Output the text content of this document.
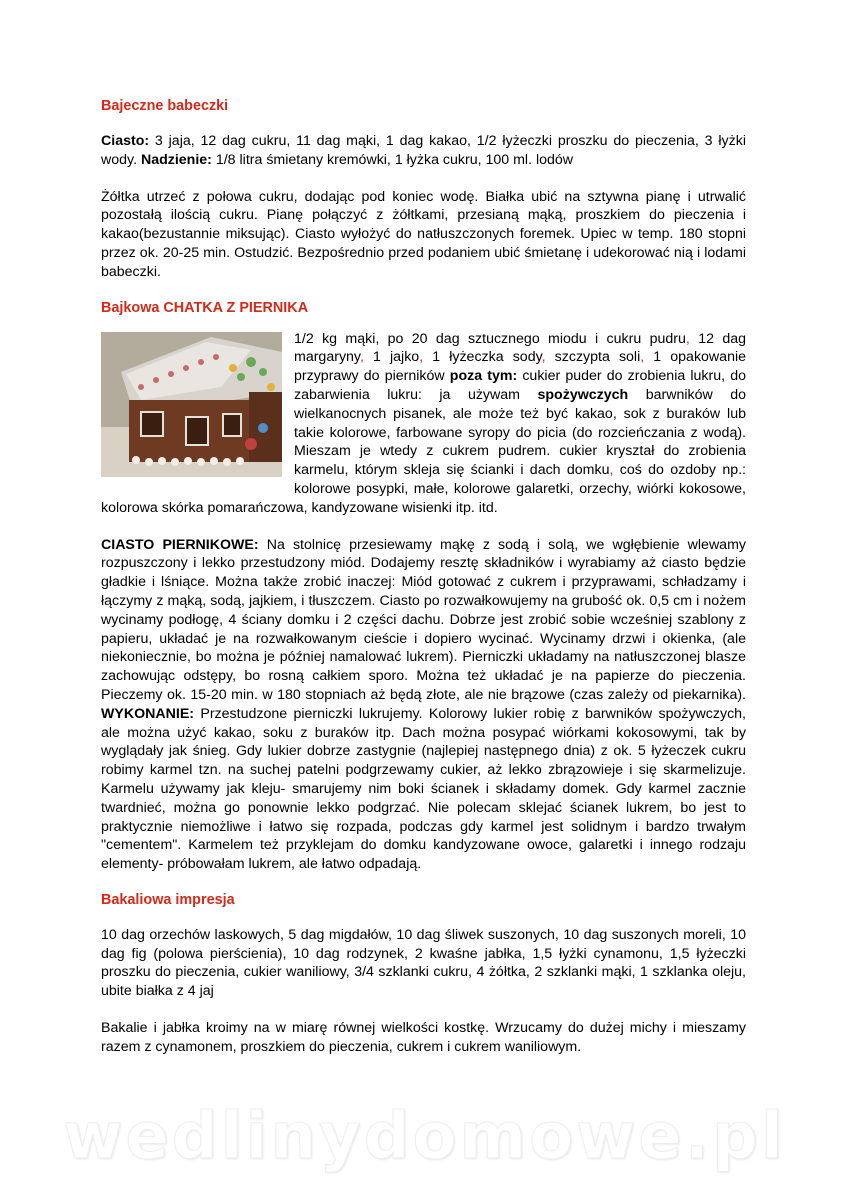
Bajeczne babeczki

Ciasto: 3 jaja, 12 dag cukru, 11 dag mąki, 1 dag kakao, 1/2 łyżeczki proszku do pieczenia, 3 łyżki wody. Nadzienie: 1/8 litra śmietany kremówki, 1 łyżka cukru, 100 ml. lodów

Żółtka utrzeć z połowa cukru, dodając pod koniec wodę. Białka ubić na sztywna pianę i utrwalić pozostałą ilością cukru. Pianę połączyć z żółtkami, przesianą mąką, proszkiem do pieczenia i kakao(bezustannie miksując). Ciasto wyłożyć do natłuszczonych foremek. Upiec w temp. 180 stopni przez ok. 20-25 min. Ostudzić. Bezpośrednio przed podaniem ubić śmietanę i udekorować nią i lodami babeczki.

Bajkowa CHATKA Z PIERNIKA

1/2 kg mąki, po 20 dag sztucznego miodu i cukru pudru, 12 dag margaryny, 1 jajko, 1 łyżeczka sody, szczypta soli, 1 opakowanie przyprawy do pierników poza tym: cukier puder do zrobienia lukru, do zabarwienia lukru: ja używam spożywczych barwników do wielkanocnych pisanek, ale może też być kakao, sok z buraków lub takie kolorowe, farbowane syropy do picia (do rozcieńczania z wodą). Mieszam je wtedy z cukrem pudrem. cukier kryształ do zrobienia karmelu, którym skleja się ścianki i dach domku, coś do ozdoby np.: kolorowe posypki, małe, kolorowe galaretki, orzechy, wiórki kokosowe, kolorowa skórka pomarańczowa, kandyzowane wisienki itp. itd.

CIASTO PIERNIKOWE: Na stolnicę przesiewamy mąkę z sodą i solą, we wgłębienie wlewamy rozpuszczony i lekko przestudzony miód. Dodajemy resztę składników i wyrabiamy aż ciasto będzie gładkie i lśniące. Można także zrobić inaczej: Miód gotować z cukrem i przyprawami, schładzamy i łączymy z mąką, sodą, jajkiem, i tłuszczem. Ciasto po rozwałkowujemy na grubość ok. 0,5 cm i nożem wycinamy podłogę, 4 ściany domku i 2 części dachu. Dobrze jest zrobić sobie wcześniej szablony z papieru, układać je na rozwałkowanym cieście i dopiero wycinać. Wycinamy drzwi i okienka, (ale niekoniecznie, bo można je później namalować lukrem). Pierniczki układamy na natłuszczonej blasze zachowując odstępy, bo rosną całkiem sporo. Można też układać je na papierze do pieczenia. Pieczemy ok. 15-20 min. w 180 stopniach aż będą złote, ale nie brązowe (czas zależy od piekarnika). WYKONANIE: Przestudzone pierniczki lukrujemy. Kolorowy lukier robię z barwników spożywczych, ale można użyć kakao, soku z buraków itp. Dach można posypać wiórkami kokosowymi, tak by wyglądały jak śnieg. Gdy lukier dobrze zastygnie (najlepiej następnego dnia) z ok. 5 łyżeczek cukru robimy karmel tzn. na suchej patelni podgrzewamy cukier, aż lekko zbrązowieje i się skarmelizuje. Karmelu używamy jak kleju- smarujemy nim boki ścianek i składamy domek. Gdy karmel zacznie twardnieć, można go ponownie lekko podgrzać. Nie polecam sklejać ścianek lukrem, bo jest to praktycznie niemożliwe i łatwo się rozpada, podczas gdy karmel jest solidnym i bardzo trwałym "cementem". Karmelem też przyklejam do domku kandyzowane owoce, galaretki i innego rodzaju elementy- próbowałam lukrem, ale łatwo odpadają.

Bakaliowa impresja

10 dag orzechów laskowych, 5 dag migdałów, 10 dag śliwek suszonych, 10 dag suszonych moreli, 10 dag fig (polowa pierścienia), 10 dag rodzynek, 2 kwaśne jabłka, 1,5 łyżki cynamonu, 1,5 łyżeczki proszku do pieczenia, cukier waniliowy, 3/4 szklanki cukru, 4 żółtka, 2 szklanki mąki, 1 szklanka oleju, ubite białka z 4 jaj

Bakalie i jabłka kroimy na w miarę równej wielkości kostkę. Wrzucamy do dużej michy i mieszamy razem z cynamonem, proszkiem do pieczenia, cukrem i cukrem waniliowym.

wedlinydomowe.pl
